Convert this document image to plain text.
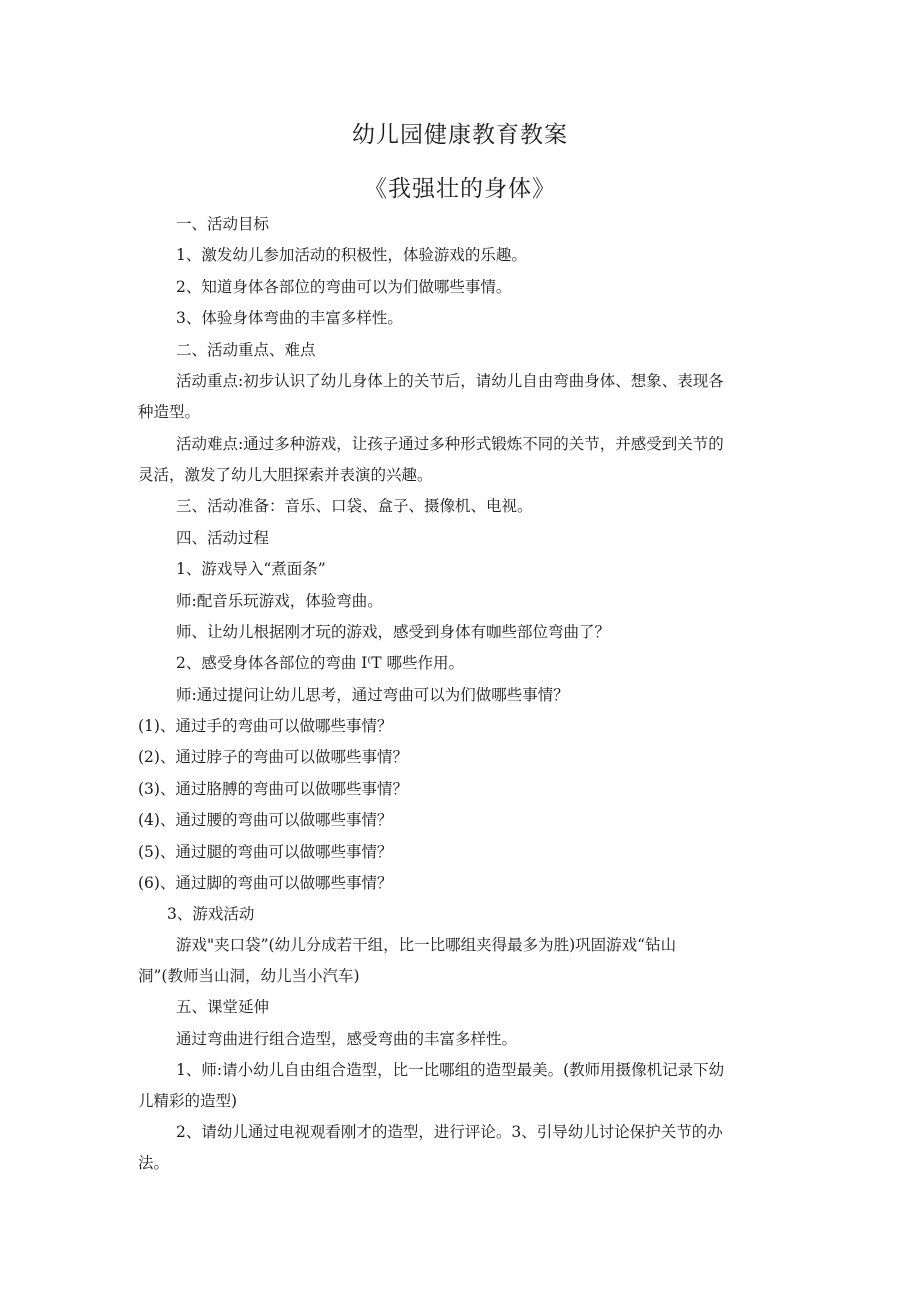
幼儿园健康教育教案
《我强壮的身体》

一、活动目标

1、激发幼儿参加活动的积极性，体验游戏的乐趣。

2、知道身体各部位的弯曲可以为们做哪些事情。

3、体验身体弯曲的丰富多样性。

二、活动重点、难点

活动重点:初步认识了幼儿身体上的关节后，请幼儿自由弯曲身体、想象、表现各

种造型。

活动难点:通过多种游戏，让孩子通过多种形式锻炼不同的关节，并感受到关节的

灵活，激发了幼儿大胆探索并表演的兴趣。

三、活动准备：音乐、口袋、盒子、摄像机、电视。

四、活动过程

1、游戏导入“煮面条”

师:配音乐玩游戏，体验弯曲。

师、让幼儿根据刚才玩的游戏，感受到身体有咖些部位弯曲了？

2、感受身体各部位的弯曲 I⁽T 哪些作用。

师:通过提问让幼儿思考，通过弯曲可以为们做哪些事情？

(1)、通过手的弯曲可以做哪些事情？

(2)、通过脖子的弯曲可以做哪些事情？

(3)、通过胳膊的弯曲可以做哪些事情？

(4)、通过腰的弯曲可以做哪些事情？

(5)、通过腿的弯曲可以做哪些事情？

(6)、通过脚的弯曲可以做哪些事情？

3、游戏活动

游戏"夹口袋”(幼儿分成若干组，比一比哪组夹得最多为胜)巩固游戏“钻山

洞”(教师当山洞，幼儿当小汽车)

五、课堂延伸

通过弯曲进行组合造型，感受弯曲的丰富多样性。

1、师:请小幼儿自由组合造型，比一比哪组的造型最美。(教师用摄像机记录下幼

儿精彩的造型)

2、请幼儿通过电视观看刚才的造型，进行评论。3、引导幼儿讨论保护关节的办

法。
